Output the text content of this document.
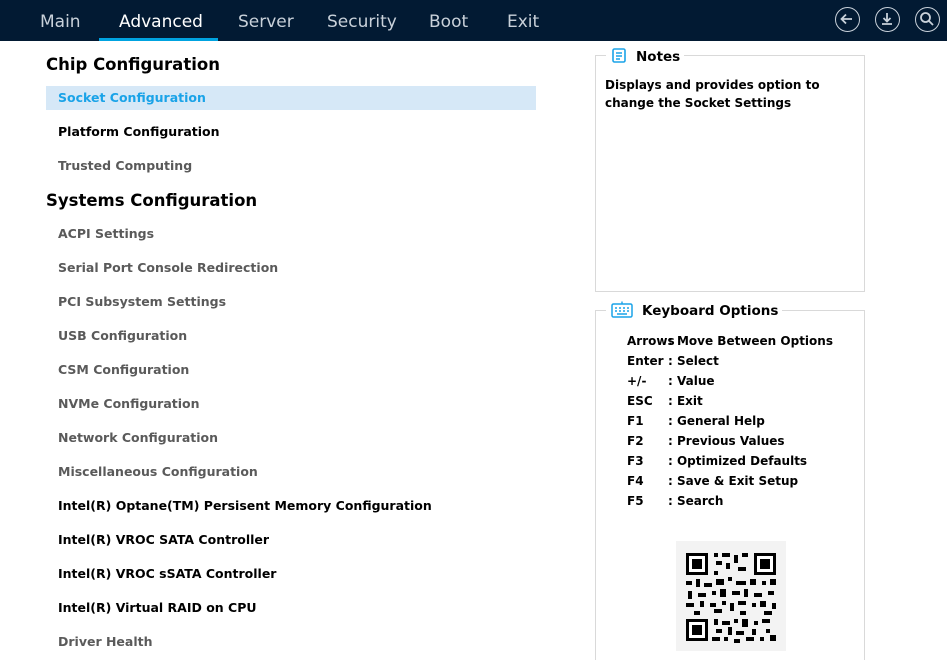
Main Advanced Server Security Boot Exit
Chip Configuration
Socket Configuration
Platform Configuration
Trusted Computing
Systems Configuration
ACPI Settings
Serial Port Console Redirection
PCI Subsystem Settings
USB Configuration
CSM Configuration
NVMe Configuration
Network Configuration
Miscellaneous Configuration
Intel(R) Optane(TM) Persisent Memory Configuration
Intel(R) VROC SATA Controller
Intel(R) VROC sSATA Controller
Intel(R) Virtual RAID on CPU
Driver Health
Notes
Displays and provides option to change the Socket Settings
Keyboard Options
Arrows
: Move Between Options
Enter : Select
+/- : Value
ESC : Exit
F1 : General Help
F2 : Previous Values
F3 : Optimized Defaults
F4 : Save & Exit Setup
F5 : Search
